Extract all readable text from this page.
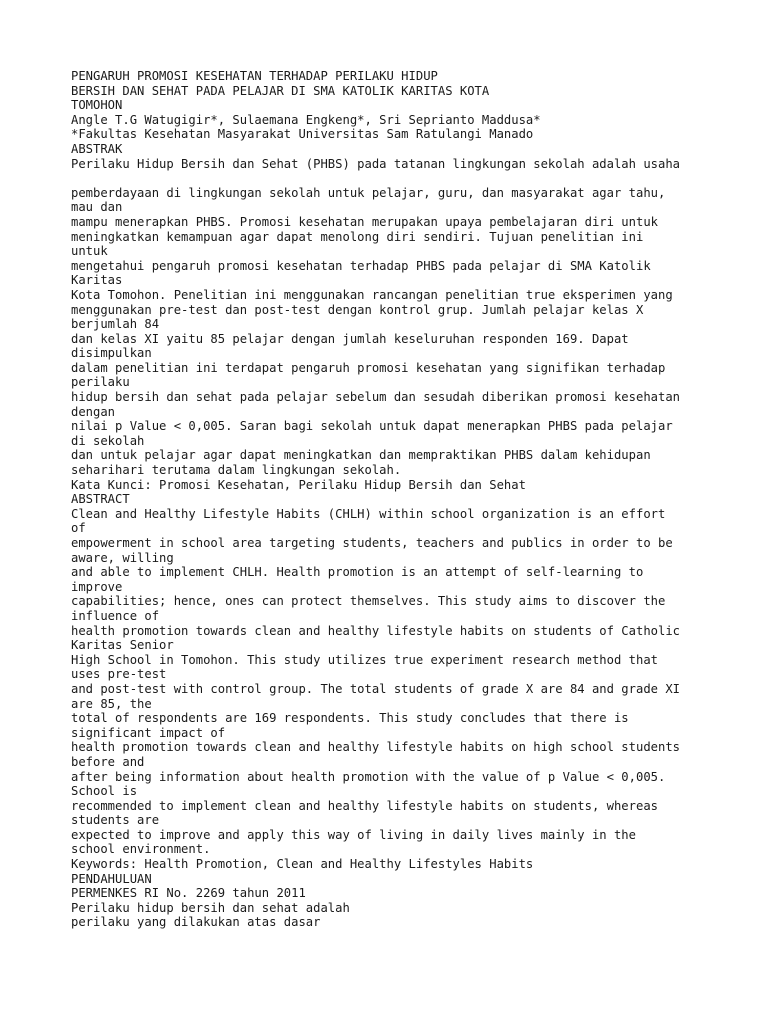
PENGARUH PROMOSI KESEHATAN TERHADAP PERILAKU HIDUP
BERSIH DAN SEHAT PADA PELAJAR DI SMA KATOLIK KARITAS KOTA
TOMOHON
Angle T.G Watugigir*, Sulaemana Engkeng*, Sri Seprianto Maddusa*
*Fakultas Kesehatan Masyarakat Universitas Sam Ratulangi Manado
ABSTRAK
Perilaku Hidup Bersih dan Sehat (PHBS) pada tatanan lingkungan sekolah adalah usaha
pemberdayaan di lingkungan sekolah untuk pelajar, guru, dan masyarakat agar tahu,
mau dan
mampu menerapkan PHBS. Promosi kesehatan merupakan upaya pembelajaran diri untuk
meningkatkan kemampuan agar dapat menolong diri sendiri. Tujuan penelitian ini
untuk
mengetahui pengaruh promosi kesehatan terhadap PHBS pada pelajar di SMA Katolik
Karitas
Kota Tomohon. Penelitian ini menggunakan rancangan penelitian true eksperimen yang
menggunakan pre-test dan post-test dengan kontrol grup. Jumlah pelajar kelas X
berjumlah 84
dan kelas XI yaitu 85 pelajar dengan jumlah keseluruhan responden 169. Dapat
disimpulkan
dalam penelitian ini terdapat pengaruh promosi kesehatan yang signifikan terhadap
perilaku
hidup bersih dan sehat pada pelajar sebelum dan sesudah diberikan promosi kesehatan
dengan
nilai p Value < 0,005. Saran bagi sekolah untuk dapat menerapkan PHBS pada pelajar
di sekolah
dan untuk pelajar agar dapat meningkatkan dan mempraktikan PHBS dalam kehidupan
seharihari terutama dalam lingkungan sekolah.
Kata Kunci: Promosi Kesehatan, Perilaku Hidup Bersih dan Sehat
ABSTRACT
Clean and Healthy Lifestyle Habits (CHLH) within school organization is an effort
of
empowerment in school area targeting students, teachers and publics in order to be
aware, willing
and able to implement CHLH. Health promotion is an attempt of self-learning to
improve
capabilities; hence, ones can protect themselves. This study aims to discover the
influence of
health promotion towards clean and healthy lifestyle habits on students of Catholic
Karitas Senior
High School in Tomohon. This study utilizes true experiment research method that
uses pre-test
and post-test with control group. The total students of grade X are 84 and grade XI
are 85, the
total of respondents are 169 respondents. This study concludes that there is
significant impact of
health promotion towards clean and healthy lifestyle habits on high school students
before and
after being information about health promotion with the value of p Value < 0,005.
School is
recommended to implement clean and healthy lifestyle habits on students, whereas
students are
expected to improve and apply this way of living in daily lives mainly in the
school environment.
Keywords: Health Promotion, Clean and Healthy Lifestyles Habits
PENDAHULUAN
PERMENKES RI No. 2269 tahun 2011
Perilaku hidup bersih dan sehat adalah
perilaku yang dilakukan atas dasar
